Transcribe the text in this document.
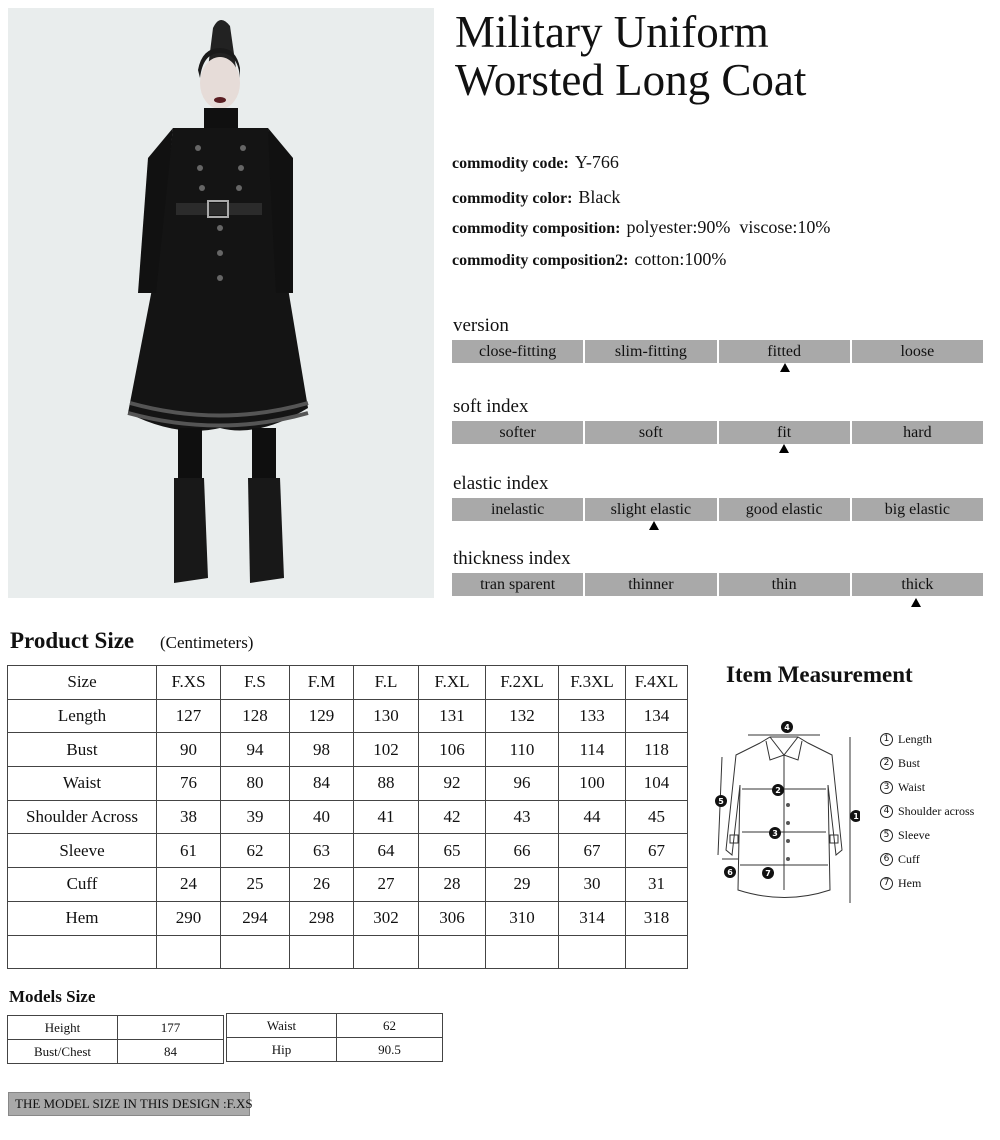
Military Uniform
Worsted Long Coat
commodity code: Y-766
commodity color: Black
commodity composition: polyester:90%  viscose:10%
commodity composition2: cotton:100%
version
close-fitting	slim-fitting	fitted	loose
soft index
softer	soft	fit	hard
elastic index
inelastic	slight elastic	good elastic	big elastic
thickness index
tran sparent	thinner	thin	thick
Product Size (Centimeters)
Size	F.XS	F.S	F.M	F.L	F.XL	F.2XL	F.3XL	F.4XL
Length	127	128	129	130	131	132	133	134
Bust	90	94	98	102	106	110	114	118
Waist	76	80	84	88	92	96	100	104
Shoulder Across	38	39	40	41	42	43	44	45
Sleeve	61	62	63	64	65	66	67	67
Cuff	24	25	26	27	28	29	30	31
Hem	290	294	298	302	306	310	314	318

Item Measurement
4
2
3
5
1
6	7
1 Length
2 Bust
3 Waist
4 Shoulder across
5 Sleeve
6 Cuff
7 Hem
Models Size
Height	177
Bust/Chest	84
Waist	62
Hip	90.5
THE MODEL SIZE IN THIS DESIGN :F.XS
